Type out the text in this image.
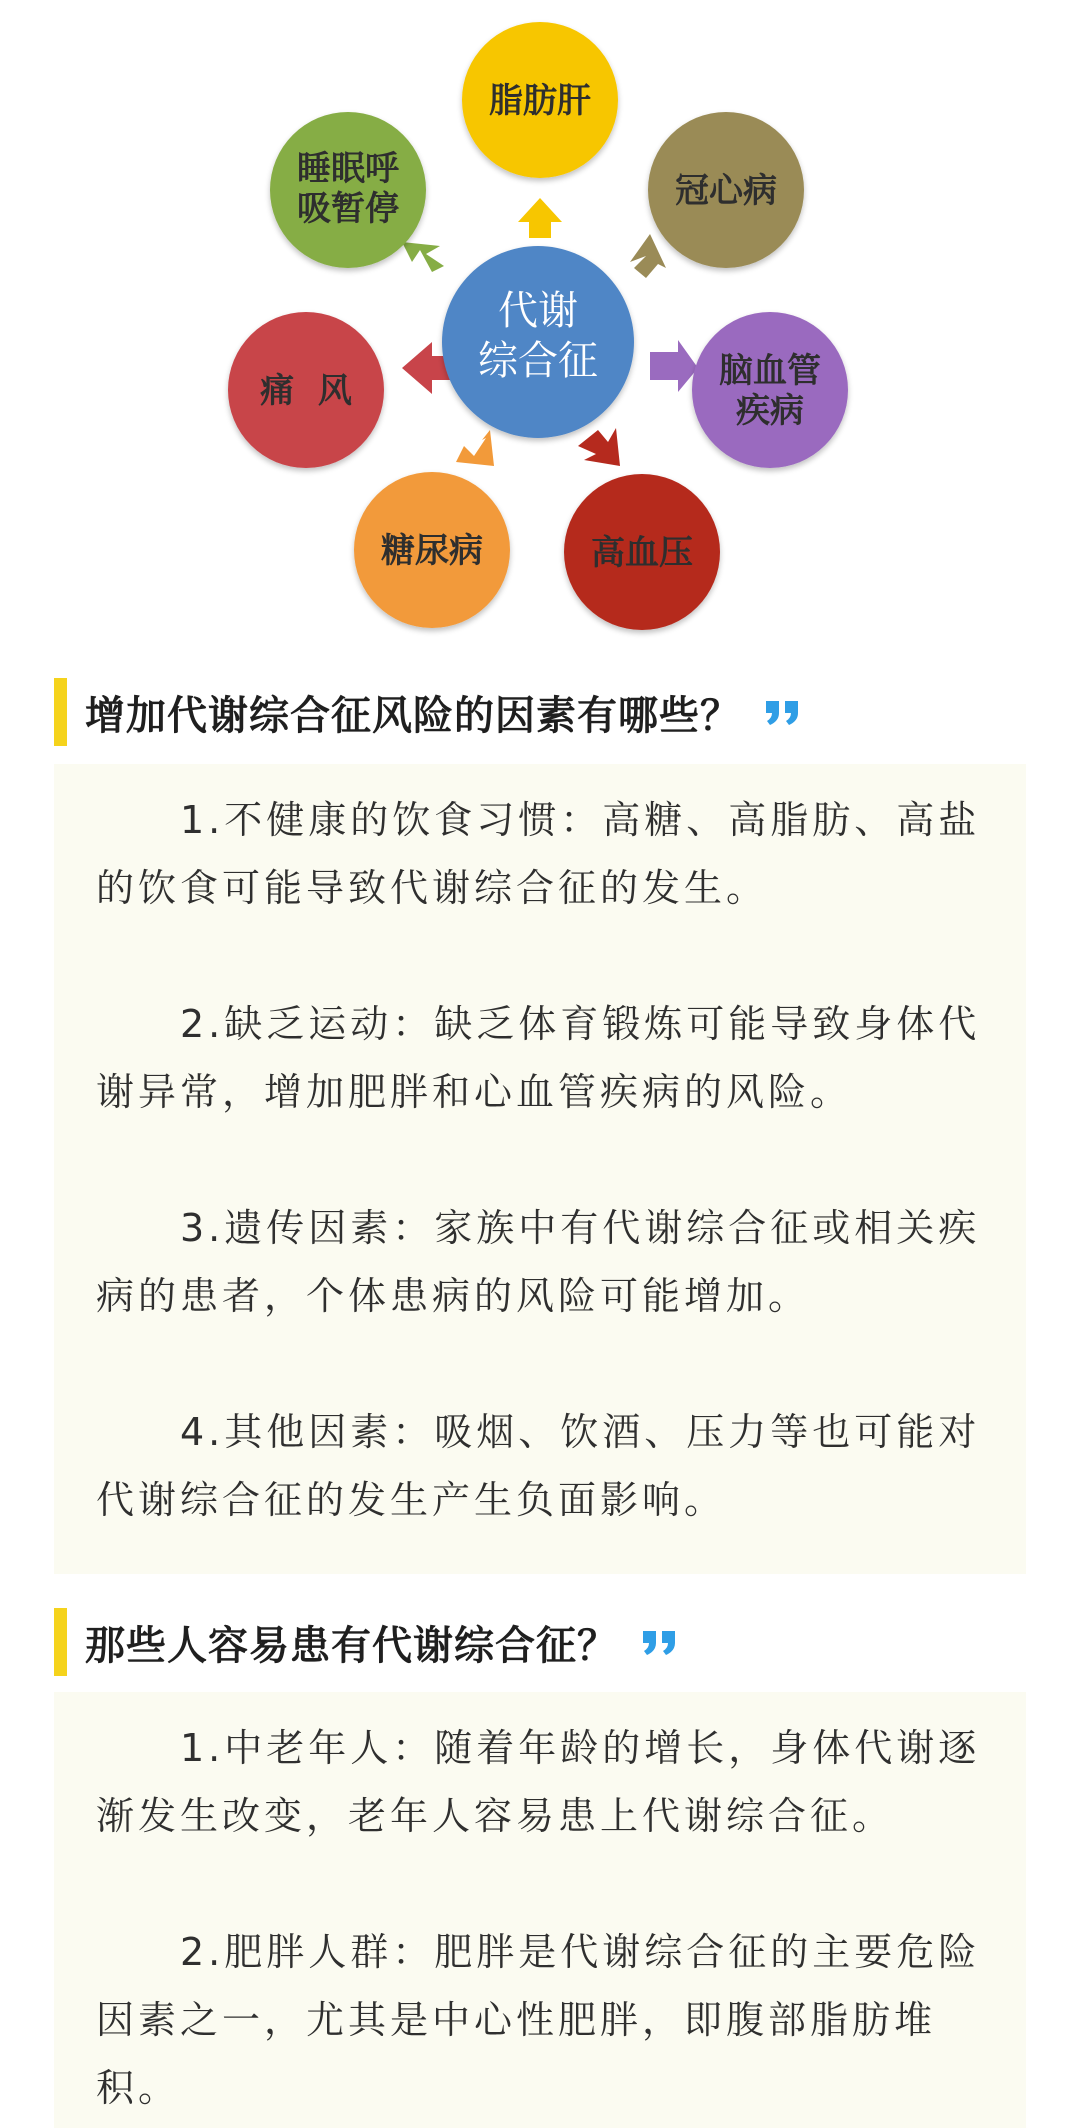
脂肪肝
冠心病
脑血管
疾病
高血压
糖尿病
痛  风
睡眠呼
吸暂停
代谢
综合征
增加代谢综合征风险的因素有哪些？

1.不健康的饮食习惯：高糖、高脂肪、高盐的饮食可能导致代谢综合征的发生。

2.缺乏运动：缺乏体育锻炼可能导致身体代谢异常，增加肥胖和心血管疾病的风险。

3.遗传因素：家族中有代谢综合征或相关疾病的患者，个体患病的风险可能增加。

4.其他因素：吸烟、饮酒、压力等也可能对代谢综合征的发生产生负面影响。

那些人容易患有代谢综合征？

1.中老年人：随着年龄的增长，身体代谢逐渐发生改变，老年人容易患上代谢综合征。

2.肥胖人群：肥胖是代谢综合征的主要危险因素之一，尤其是中心性肥胖，即腹部脂肪堆积。
